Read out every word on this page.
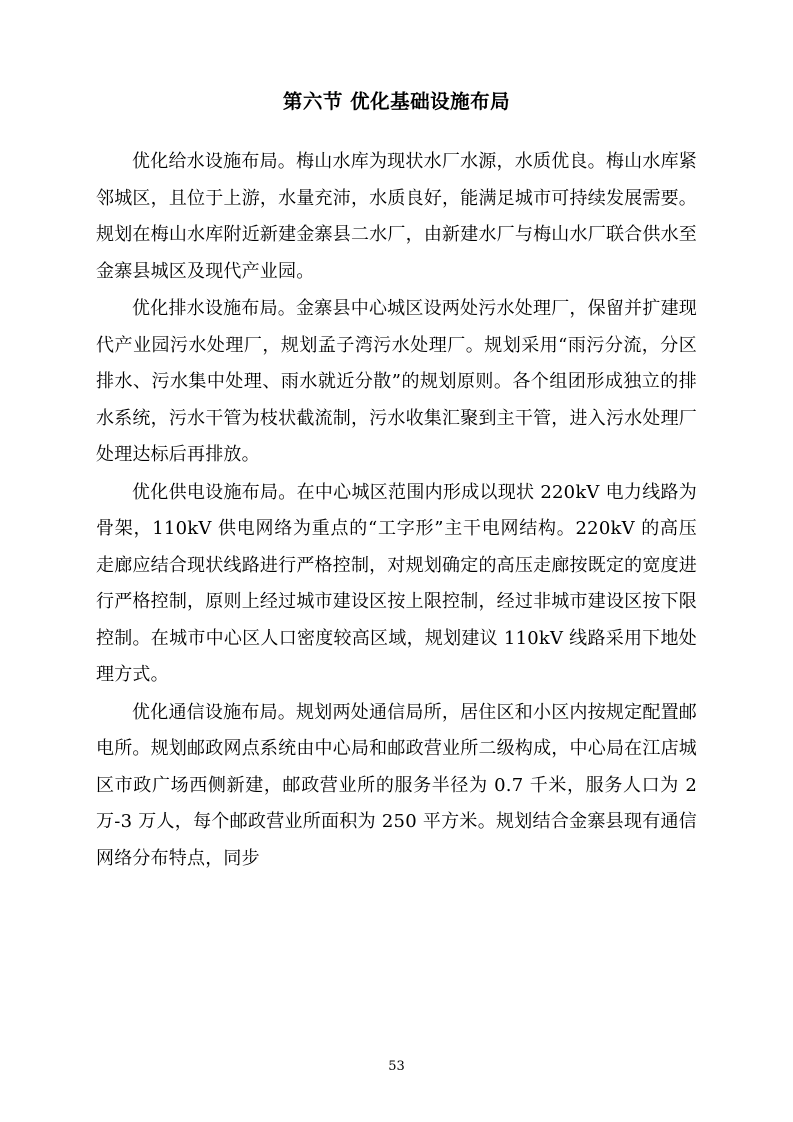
第六节 优化基础设施布局

优化给水设施布局。梅山水库为现状水厂水源，水质优良。梅山水库紧邻城区，且位于上游，水量充沛，水质良好，能满足城市可持续发展需要。规划在梅山水库附近新建金寨县二水厂，由新建水厂与梅山水厂联合供水至金寨县城区及现代产业园。

优化排水设施布局。金寨县中心城区设两处污水处理厂，保留并扩建现代产业园污水处理厂，规划孟子湾污水处理厂。规划采用“雨污分流，分区排水、污水集中处理、雨水就近分散”的规划原则。各个组团形成独立的排水系统，污水干管为枝状截流制，污水收集汇聚到主干管，进入污水处理厂处理达标后再排放。

优化供电设施布局。在中心城区范围内形成以现状 220kV 电力线路为骨架，110kV 供电网络为重点的“工字形”主干电网结构。220kV 的高压走廊应结合现状线路进行严格控制，对规划确定的高压走廊按既定的宽度进行严格控制，原则上经过城市建设区按上限控制，经过非城市建设区按下限控制。在城市中心区人口密度较高区域，规划建议 110kV 线路采用下地处理方式。

优化通信设施布局。规划两处通信局所，居住区和小区内按规定配置邮电所。规划邮政网点系统由中心局和邮政营业所二级构成，中心局在江店城区市政广场西侧新建，邮政营业所的服务半径为 0.7 千米，服务人口为 2 万-3 万人，每个邮政营业所面积为 250 平方米。规划结合金寨县现有通信网络分布特点，同步

53
